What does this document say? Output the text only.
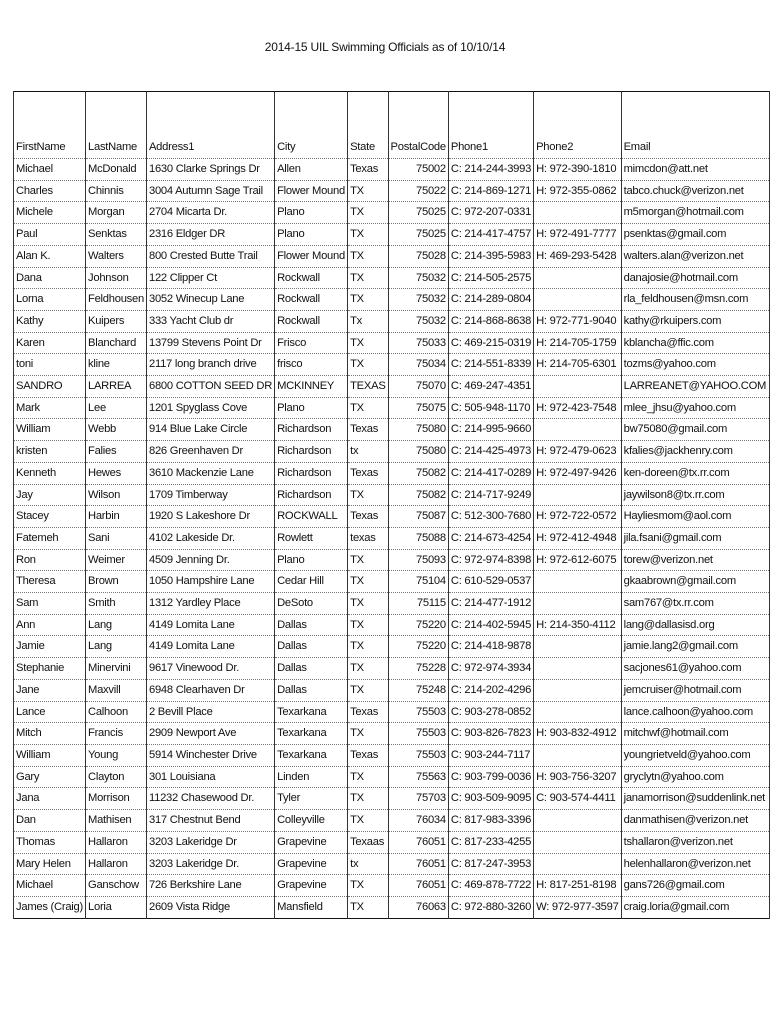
2014-15 UIL Swimming Officials as of 10/10/14

FirstName	LastName	Address1	City	State	PostalCode	Phone1	Phone2	Email
Michael	McDonald	1630 Clarke Springs Dr	Allen	Texas	75002	C: 214-244-3993	H: 972-390-1810	mimcdon@att.net
Charles	Chinnis	3004 Autumn Sage Trail	Flower Mound	TX	75022	C: 214-869-1271	H: 972-355-0862	tabco.chuck@verizon.net
Michele	Morgan	2704 Micarta Dr.	Plano	TX	75025	C: 972-207-0331		m5morgan@hotmail.com
Paul	Senktas	2316 Eldger DR	Plano	TX	75025	C: 214-417-4757	H: 972-491-7777	psenktas@gmail.com
Alan K.	Walters	800 Crested Butte Trail	Flower Mound	TX	75028	C: 214-395-5983	H: 469-293-5428	walters.alan@verizon.net
Dana	Johnson	122 Clipper Ct	Rockwall	TX	75032	C: 214-505-2575		danajosie@hotmail.com
Lorna	Feldhousen	3052 Winecup Lane	Rockwall	TX	75032	C: 214-289-0804		rla_feldhousen@msn.com
Kathy	Kuipers	333 Yacht Club dr	Rockwall	Tx	75032	C: 214-868-8638	H: 972-771-9040	kathy@rkuipers.com
Karen	Blanchard	13799 Stevens Point Dr	Frisco	TX	75033	C: 469-215-0319	H: 214-705-1759	kblancha@ffic.com
toni	kline	2117 long branch drive	frisco	TX	75034	C: 214-551-8339	H: 214-705-6301	tozms@yahoo.com
SANDRO	LARREA	6800 COTTON SEED DR	MCKINNEY	TEXAS	75070	C: 469-247-4351		LARREANET@YAHOO.COM
Mark	Lee	1201 Spyglass Cove	Plano	TX	75075	C: 505-948-1170	H: 972-423-7548	mlee_jhsu@yahoo.com
William	Webb	914 Blue Lake Circle	Richardson	Texas	75080	C: 214-995-9660		bw75080@gmail.com
kristen	Falies	826 Greenhaven Dr	Richardson	tx	75080	C: 214-425-4973	H: 972-479-0623	kfalies@jackhenry.com
Kenneth	Hewes	3610 Mackenzie Lane	Richardson	Texas	75082	C: 214-417-0289	H: 972-497-9426	ken-doreen@tx.rr.com
Jay	Wilson	1709 Timberway	Richardson	TX	75082	C: 214-717-9249		jaywilson8@tx.rr.com
Stacey	Harbin	1920 S Lakeshore Dr	ROCKWALL	Texas	75087	C: 512-300-7680	H: 972-722-0572	Hayliesmom@aol.com
Fatemeh	Sani	4102 Lakeside Dr.	Rowlett	texas	75088	C: 214-673-4254	H: 972-412-4948	jila.fsani@gmail.com
Ron	Weimer	4509 Jenning Dr.	Plano	TX	75093	C: 972-974-8398	H: 972-612-6075	torew@verizon.net
Theresa	Brown	1050 Hampshire Lane	Cedar Hill	TX	75104	C: 610-529-0537		gkaabrown@gmail.com
Sam	Smith	1312 Yardley Place	DeSoto	TX	75115	C: 214-477-1912		sam767@tx.rr.com
Ann	Lang	4149 Lomita Lane	Dallas	TX	75220	C: 214-402-5945	H: 214-350-4112	lang@dallasisd.org
Jamie	Lang	4149 Lomita Lane	Dallas	TX	75220	C: 214-418-9878		jamie.lang2@gmail.com
Stephanie	Minervini	9617 Vinewood Dr.	Dallas	TX	75228	C: 972-974-3934		sacjones61@yahoo.com
Jane	Maxvill	6948 Clearhaven Dr	Dallas	TX	75248	C: 214-202-4296		jemcruiser@hotmail.com
Lance	Calhoon	2 Bevill Place	Texarkana	Texas	75503	C: 903-278-0852		lance.calhoon@yahoo.com
Mitch	Francis	2909 Newport Ave	Texarkana	TX	75503	C: 903-826-7823	H: 903-832-4912	mitchwf@hotmail.com
William	Young	5914 Winchester Drive	Texarkana	Texas	75503	C: 903-244-7117		youngrietveld@yahoo.com
Gary	Clayton	301 Louisiana	Linden	TX	75563	C: 903-799-0036	H: 903-756-3207	gryclytn@yahoo.com
Jana	Morrison	11232 Chasewood Dr.	Tyler	TX	75703	C: 903-509-9095	C: 903-574-4411	janamorrison@suddenlink.net
Dan	Mathisen	317 Chestnut Bend	Colleyville	TX	76034	C: 817-983-3396		danmathisen@verizon.net
Thomas	Hallaron	3203 Lakeridge Dr	Grapevine	Texaas	76051	C: 817-233-4255		tshallaron@verizon.net
Mary Helen	Hallaron	3203 Lakeridge Dr.	Grapevine	tx	76051	C: 817-247-3953		helenhallaron@verizon.net
Michael	Ganschow	726 Berkshire Lane	Grapevine	TX	76051	C: 469-878-7722	H: 817-251-8198	gans726@gmail.com
James (Craig)	Loria	2609 Vista Ridge	Mansfield	TX	76063	C: 972-880-3260	W: 972-977-3597	craig.loria@gmail.com
